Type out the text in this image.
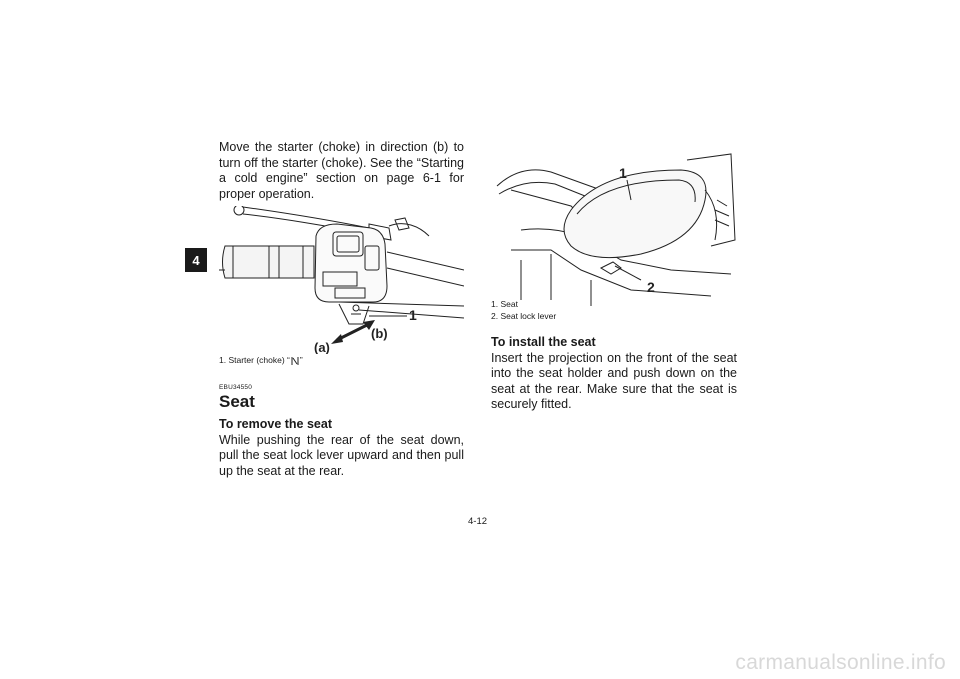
4

Move the starter (choke) in direction (b) to turn off the starter (choke). See the “Starting a cold engine” section on page 6-1 for proper operation.

1
(a)
(b)

1. Starter (choke) “ ”

EBU34550
Seat

To remove the seat

While pushing the rear of the seat down, pull the seat lock lever upward and then pull up the seat at the rear.

1
2

1. Seat

2. Seat lock lever

To install the seat

Insert the projection on the front of the seat into the seat holder and push down on the seat at the rear. Make sure that the seat is securely fitted.

4-12
carmanualsonline.info
